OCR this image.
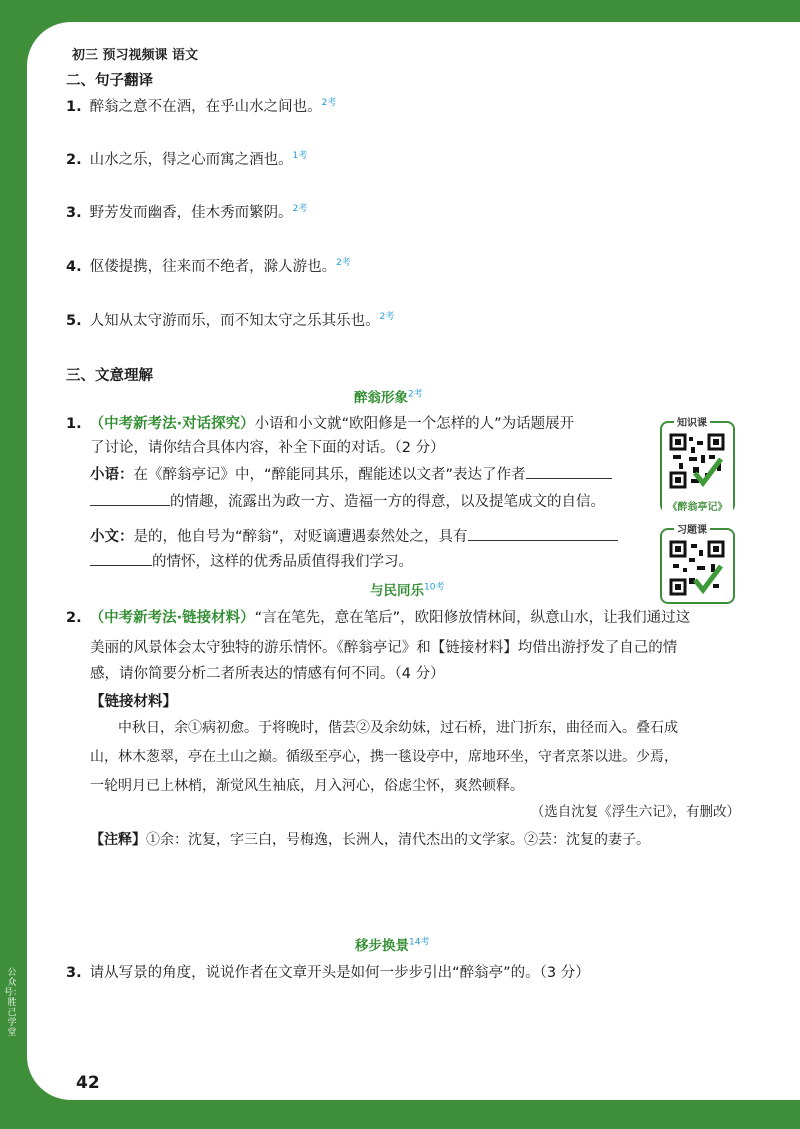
初三 预习视频课 语文
二、句子翻译
1. 醉翁之意不在酒，在乎山水之间也。$^{2考}$
2. 山水之乐，得之心而寓之酒也。$^{1考}$
3. 野芳发而幽香，佳木秀而繁阴。$^{2考}$
4. 伛偻提携，往来而不绝者，滁人游也。$^{2考}$
5. 人知从太守游而乐，而不知太守之乐其乐也。$^{2考}$
三、文意理解
醉翁形象$^{2考}$
1. （中考新考法·对话探究）小语和小文就“欧阳修是一个怎样的人”为话题展开
了讨论，请你结合具体内容，补全下面的对话。（2 分）
小语：在《醉翁亭记》中，“醉能同其乐，醒能述以文者”表达了作者
的情趣，流露出为政一方、造福一方的得意，以及提笔成文的自信。
小文：是的，他自号为“醉翁”，对贬谪遭遇泰然处之，具有
的情怀，这样的优秀品质值得我们学习。
知识课
《醉翁亭记》
习题课
与民同乐$^{10考}$
2. （中考新考法·链接材料）“言在笔先，意在笔后”，欧阳修放情林间，纵意山水，让我们通过这
美丽的风景体会太守独特的游乐情怀。《醉翁亭记》和【链接材料】均借出游抒发了自己的情
感，请你简要分析二者所表达的情感有何不同。（4 分）
【链接材料】
中秋日，余①病初愈。于将晚时，偕芸②及余幼妹，过石桥，进门折东，曲径而入。叠石成
山，林木葱翠，亭在土山之巅。循级至亭心，携一毯设亭中，席地环坐，守者烹茶以进。少焉，
一轮明月已上林梢，渐觉风生袖底，月入河心，俗虑尘怀，爽然顿释。
（选自沈复《浮生六记》，有删改）
【注释】①余：沈复，字三白，号梅逸，长洲人，清代杰出的文学家。②芸：沈复的妻子。
移步换景$^{14考}$
3. 请从写景的角度，说说作者在文章开头是如何一步步引出“醉翁亭”的。（3 分）
公众号：胜己学堂
42
